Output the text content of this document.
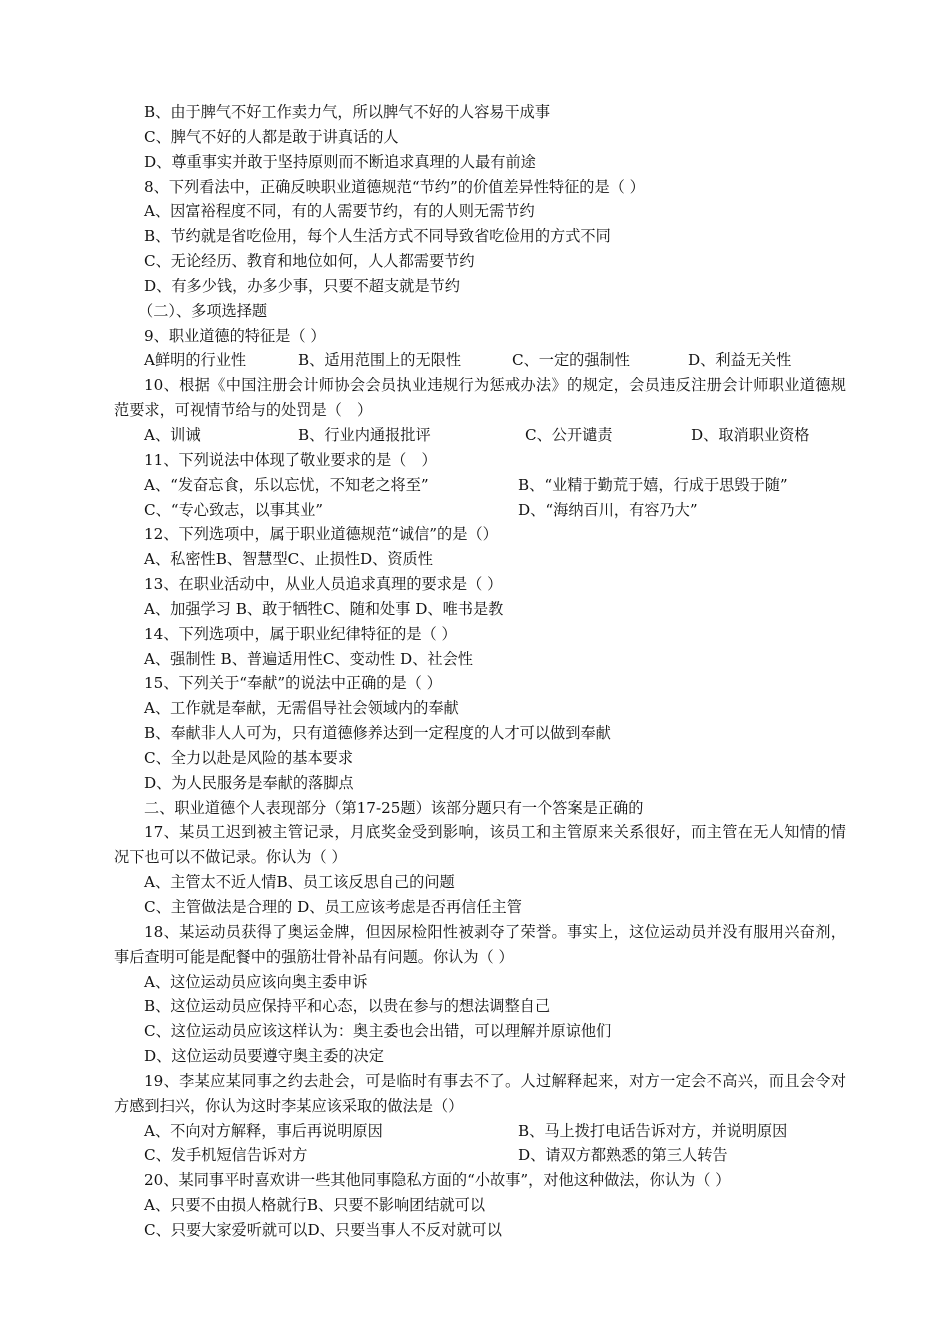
B、由于脾气不好工作卖力气，所以脾气不好的人容易干成事
C、脾气不好的人都是敢于讲真话的人
D、尊重事实并敢于坚持原则而不断追求真理的人最有前途
8、下列看法中，正确反映职业道德规范“节约”的价值差异性特征的是（ ）
A、因富裕程度不同，有的人需要节约，有的人则无需节约
B、节约就是省吃俭用，每个人生活方式不同导致省吃俭用的方式不同
C、无论经历、教育和地位如何，人人都需要节约
D、有多少钱，办多少事，只要不超支就是节约
（二）、多项选择题
9、职业道德的特征是（ ）
A鲜明的行业性	B、适用范围上的无限性	C、一定的强制性	D、利益无关性
10、根据《中国注册会计师协会会员执业违规行为惩戒办法》的规定，会员违反注册会计师职业道德规范要求，可视情节给与的处罚是（　）
A、训诫	B、行业内通报批评	C、公开谴责	D、取消职业资格
11、下列说法中体现了敬业要求的是（　）
A、“发奋忘食，乐以忘忧，不知老之将至”	B、“业精于勤荒于嬉，行成于思毁于随”
C、“专心致志，以事其业”	D、“海纳百川，有容乃大”
12、下列选项中，属于职业道德规范“诚信”的是（）
A、私密性B、智慧型C、止损性D、资质性
13、在职业活动中，从业人员追求真理的要求是（ ）
A、加强学习 B、敢于牺牲C、随和处事 D、唯书是教
14、下列选项中，属于职业纪律特征的是（ ）
A、强制性 B、普遍适用性C、变动性 D、社会性
15、下列关于“奉献”的说法中正确的是（ ）
A、工作就是奉献，无需倡导社会领域内的奉献
B、奉献非人人可为，只有道德修养达到一定程度的人才可以做到奉献
C、全力以赴是风险的基本要求
D、为人民服务是奉献的落脚点
二、职业道德个人表现部分（第17-25题）该部分题只有一个答案是正确的
17、某员工迟到被主管记录，月底奖金受到影响，该员工和主管原来关系很好，而主管在无人知情的情况下也可以不做记录。你认为（ ）
A、主管太不近人情B、员工该反思自己的问题
C、主管做法是合理的 D、员工应该考虑是否再信任主管
18、某运动员获得了奥运金牌，但因尿检阳性被剥夺了荣誉。事实上，这位运动员并没有服用兴奋剂，事后查明可能是配餐中的强筋壮骨补品有问题。你认为（ ）
A、这位运动员应该向奥主委申诉
B、这位运动员应保持平和心态，以贵在参与的想法调整自己
C、这位运动员应该这样认为：奥主委也会出错，可以理解并原谅他们
D、这位运动员要遵守奥主委的决定
19、李某应某同事之约去赴会，可是临时有事去不了。人过解释起来，对方一定会不高兴，而且会令对方感到扫兴，你认为这时李某应该采取的做法是（）
A、不向对方解释，事后再说明原因	B、马上拨打电话告诉对方，并说明原因
C、发手机短信告诉对方	D、请双方都熟悉的第三人转告
20、某同事平时喜欢讲一些其他同事隐私方面的“小故事”，对他这种做法，你认为（ ）
A、只要不由损人格就行B、只要不影响团结就可以
C、只要大家爱听就可以D、只要当事人不反对就可以
